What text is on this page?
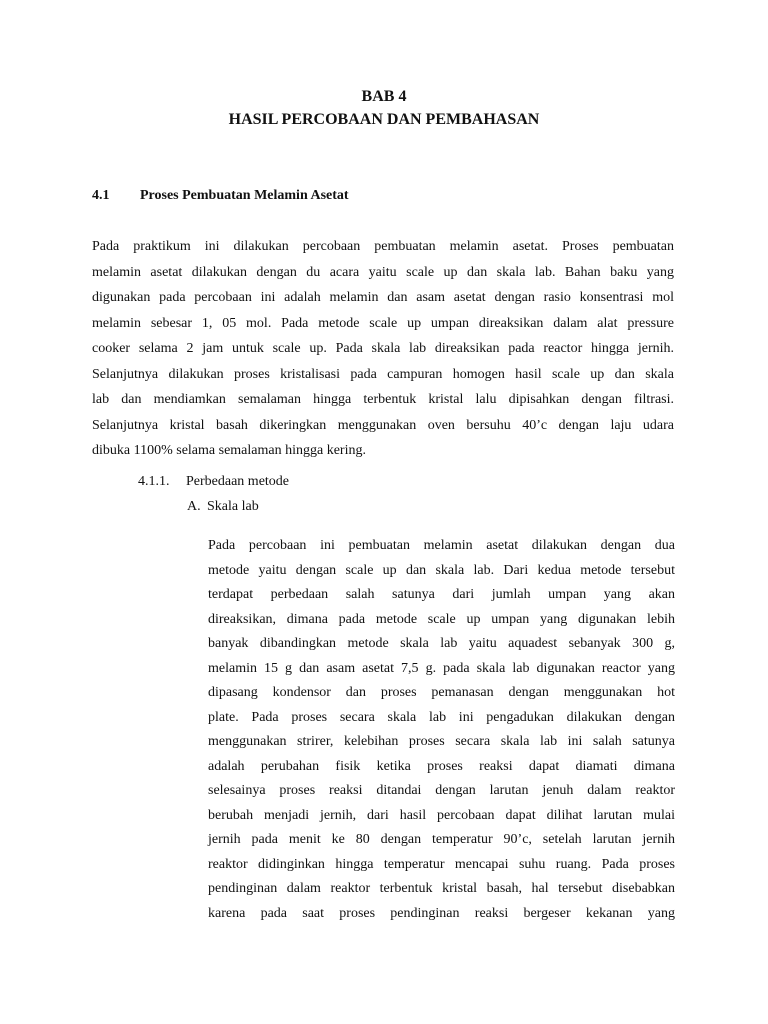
BAB 4
HASIL PERCOBAAN DAN PEMBAHASAN
4.1 Proses Pembuatan Melamin Asetat
Pada praktikum ini dilakukan percobaan pembuatan melamin asetat. Proses pembuatan
melamin asetat dilakukan dengan du acara yaitu scale up dan skala lab. Bahan baku yang
digunakan pada percobaan ini adalah melamin dan asam asetat dengan rasio konsentrasi mol
melamin sebesar 1, 05 mol. Pada metode scale up umpan direaksikan dalam alat pressure
cooker selama 2 jam untuk scale up. Pada skala lab direaksikan pada reactor hingga jernih.
Selanjutnya dilakukan proses kristalisasi pada campuran homogen hasil scale up dan skala
lab dan mendiamkan semalaman hingga terbentuk kristal lalu dipisahkan dengan filtrasi.
Selanjutnya kristal basah dikeringkan menggunakan oven bersuhu 40’c dengan laju udara
dibuka 1100% selama semalaman hingga kering.
4.1.1. Perbedaan metode
A. Skala lab
Pada percobaan ini pembuatan melamin asetat dilakukan dengan dua
metode yaitu dengan scale up dan skala lab. Dari kedua metode tersebut
terdapat perbedaan salah satunya dari jumlah umpan yang akan
direaksikan, dimana pada metode scale up umpan yang digunakan lebih
banyak dibandingkan metode skala lab yaitu aquadest sebanyak 300 g,
melamin 15 g dan asam asetat 7,5 g. pada skala lab digunakan reactor yang
dipasang kondensor dan proses pemanasan dengan menggunakan hot
plate. Pada proses secara skala lab ini pengadukan dilakukan dengan
menggunakan strirer, kelebihan proses secara skala lab ini salah satunya
adalah perubahan fisik ketika proses reaksi dapat diamati dimana
selesainya proses reaksi ditandai dengan larutan jenuh dalam reaktor
berubah menjadi jernih, dari hasil percobaan dapat dilihat larutan mulai
jernih pada menit ke 80 dengan temperatur 90’c, setelah larutan jernih
reaktor didinginkan hingga temperatur mencapai suhu ruang. Pada proses
pendinginan dalam reaktor terbentuk kristal basah, hal tersebut disebabkan
karena pada saat proses pendinginan reaksi bergeser kekanan yang
